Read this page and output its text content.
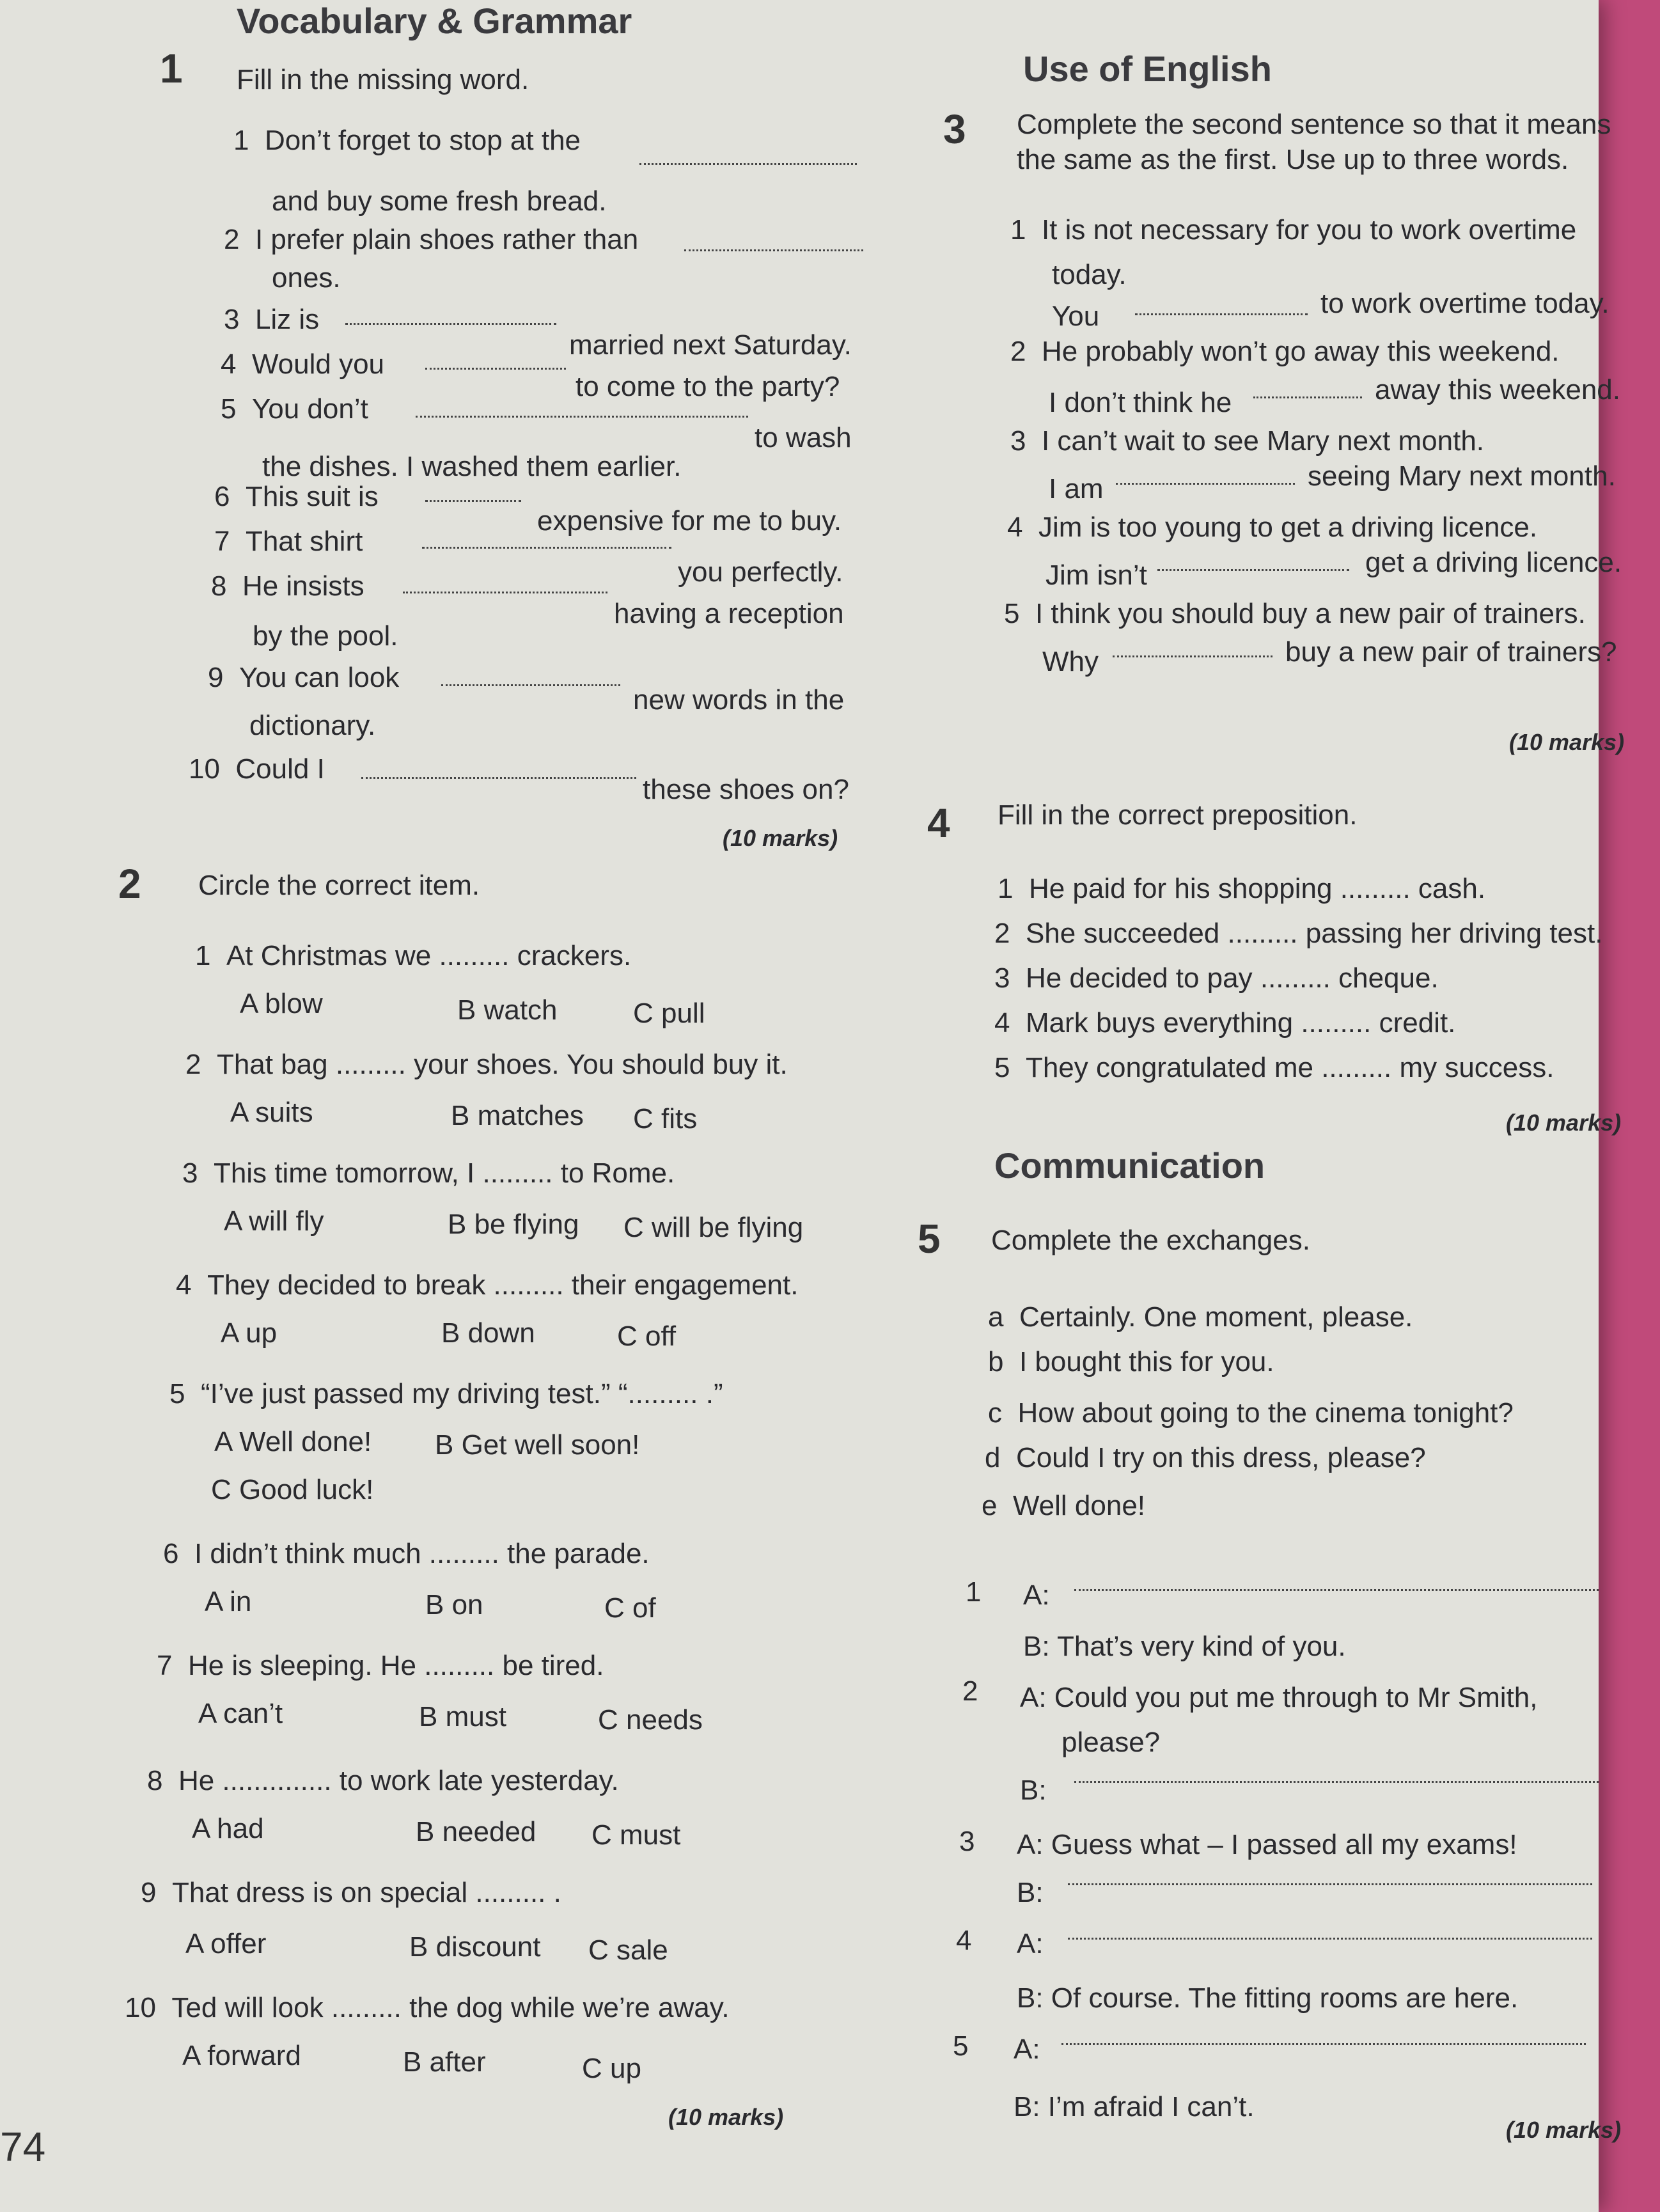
Vocabulary & Grammar
1 Fill in the missing word.
1 Don’t forget to stop at the
and buy some fresh bread.
2 I prefer plain shoes rather than
ones.
3 Liz is
married next Saturday.
4 Would you
to come to the party?
5 You don’t
to wash
the dishes. I washed them earlier.
6 This suit is
expensive for me to buy.
7 That shirt
you perfectly.
8 He insists
having a reception
by the pool.
9 You can look
new words in the
dictionary.
10 Could I
these shoes on?
(10 marks)
2 Circle the correct item.
1 At Christmas we ......... crackers.
A blow	B watch	C pull
2 That bag ......... your shoes. You should buy it.
A suits	B matches C fits
3 This time tomorrow, I ......... to Rome.
A will fly	B be flying C will be flying
4 They decided to break ......... their engagement.
A up	B down	C off
5 “I’ve just passed my driving test.” “......... .”
A Well done! B Get well soon!
C Good luck!
6 I didn’t think much ......... the parade.
A in	B on	C of
7 He is sleeping. He ......... be tired.
A can’t	B must	C needs
8 He .............. to work late yesterday.
A had	B needed C must
9 That dress is on special ......... .
A offer	B discount C sale
10 Ted will look ......... the dog while we’re away.
A forward	B after	C up
(10 marks)
74
Use of English
3 Complete the second sentence so that it means
the same as the first. Use up to three words.
1 It is not necessary for you to work overtime
today.
You	to work overtime today.
2 He probably won’t go away this weekend.
I don’t think he	away this weekend.
3 I can’t wait to see Mary next month.
I am	seeing Mary next month.
4 Jim is too young to get a driving licence.
Jim isn’t	get a driving licence.
5 I think you should buy a new pair of trainers.
Why	buy a new pair of trainers?
(10 marks)
4 Fill in the correct preposition.
1 He paid for his shopping ......... cash.
2 She succeeded ......... passing her driving test.
3 He decided to pay ......... cheque.
4 Mark buys everything ......... credit.
5 They congratulated me ......... my success.
(10 marks)
Communication
5 Complete the exchanges.
a Certainly. One moment, please.
b I bought this for you.
c How about going to the cinema tonight?
d Could I try on this dress, please?
e Well done!
1 A:
B: That’s very kind of you.
2 A: Could you put me through to Mr Smith,
please?
B:
3 A: Guess what – I passed all my exams!
B:
4 A:
B: Of course. The fitting rooms are here.
5 A:
B: I’m afraid I can’t.
(10 marks)
